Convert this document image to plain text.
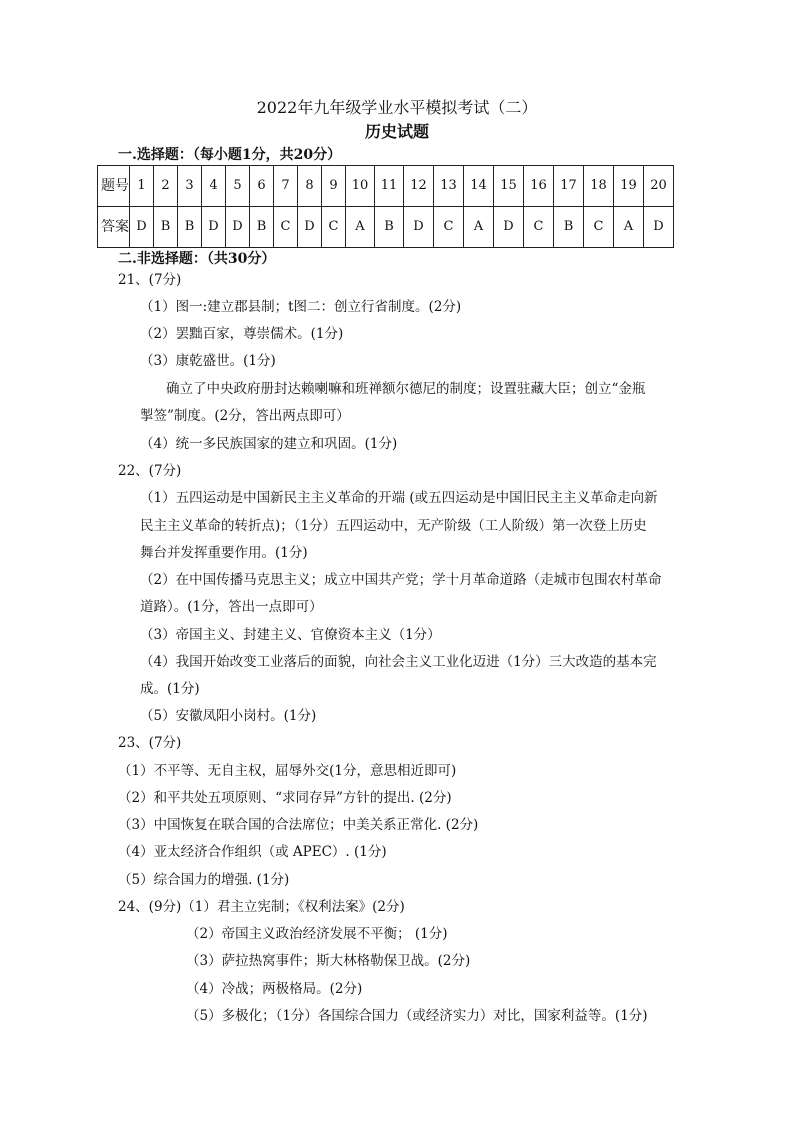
2022年九年级学业水平模拟考试（二）
历史试题
一.选择题：（每小题1分，共20分）
题号	1	2	3	4	5	6	7	8	9	10	11	12	13	14	15	16	17	18	19	20
答案	D	B	B	D	D	B	C	D	C	A	B	D	C	A	D	C	B	C	A	D
二.非选择题：（共30分）
21、(7分)
（1）图一:建立郡县制；t图二：创立行省制度。(2分)
（2）罢黜百家，尊崇儒术。(1分)
（3）康乾盛世。(1分)
确立了中央政府册封达赖喇嘛和班禅额尔德尼的制度；设置驻藏大臣；创立“金瓶
掣签”制度。(2分，答出两点即可）
（4）统一多民族国家的建立和巩固。(1分)
22、(7分)
（1）五四运动是中国新民主主义革命的开端 (或五四运动是中国旧民主主义革命走向新
民主主义革命的转折点)；（1分）五四运动中，无产阶级（工人阶级）第一次登上历史
舞台并发挥重要作用。(1分)
（2）在中国传播马克思主义；成立中国共产党；学十月革命道路（走城市包围农村革命
道路）。(1分，答出一点即可）
（3）帝国主义、封建主义、官僚资本主义（1分）
（4）我国开始改变工业落后的面貌，向社会主义工业化迈进（1分）三大改造的基本完
成。(1分)
（5）安徽凤阳小岗村。(1分)
23、(7分)
（1）不平等、无自主权，屈辱外交(1分，意思相近即可)
（2）和平共处五项原则、“求同存异”方针的提出. (2分)
（3）中国恢复在联合国的合法席位；中美关系正常化. (2分)
（4）亚太经济合作组织（或 APEC）. (1分)
（5）综合国力的增强. (1分)
24、(9分)（1）君主立宪制；《权利法案》(2分)
（2）帝国主义政治经济发展不平衡； (1分)
（3）萨拉热窝事件；斯大林格勒保卫战。(2分)
（4）冷战；两极格局。(2分)
（5）多极化；（1分）各国综合国力（或经济实力）对比，国家利益等。(1分)
